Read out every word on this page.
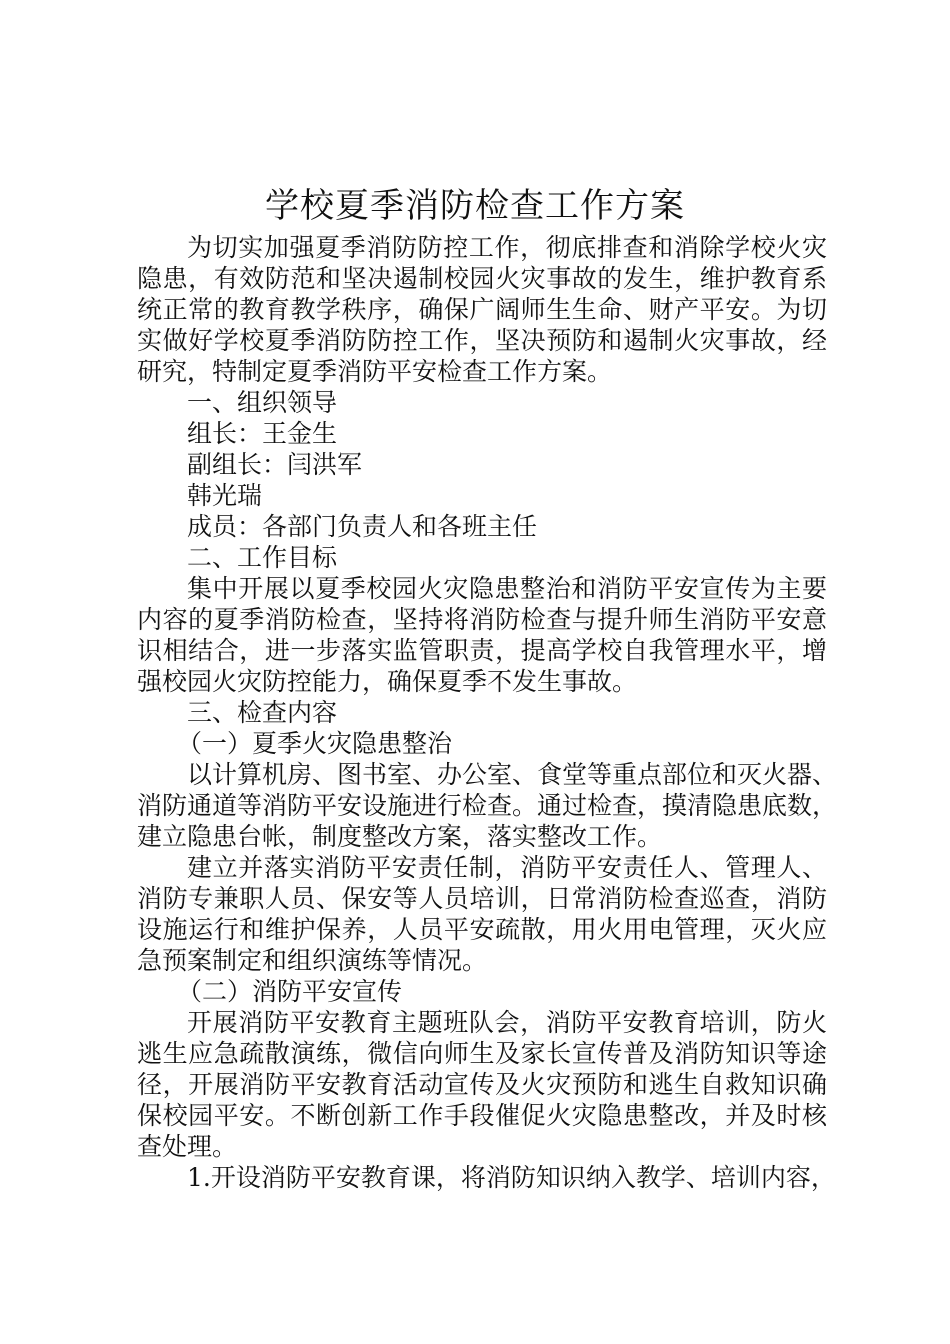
学校夏季消防检查工作方案
为切实加强夏季消防防控工作，彻底排查和消除学校火灾
隐患，有效防范和坚决遏制校园火灾事故的发生，维护教育系
统正常的教育教学秩序，确保广阔师生生命、财产平安。为切
实做好学校夏季消防防控工作，坚决预防和遏制火灾事故，经
研究，特制定夏季消防平安检查工作方案。
一、组织领导
组长：王金生
副组长：闫洪军
韩光瑞
成员：各部门负责人和各班主任
二、工作目标
集中开展以夏季校园火灾隐患整治和消防平安宣传为主要
内容的夏季消防检查，坚持将消防检查与提升师生消防平安意
识相结合，进一步落实监管职责，提高学校自我管理水平，增
强校园火灾防控能力，确保夏季不发生事故。
三、检查内容
（一）夏季火灾隐患整治
以计算机房、图书室、办公室、食堂等重点部位和灭火器、
消防通道等消防平安设施进行检查。通过检查，摸清隐患底数，
建立隐患台帐，制度整改方案，落实整改工作。
建立并落实消防平安责任制，消防平安责任人、管理人、
消防专兼职人员、保安等人员培训，日常消防检查巡查，消防
设施运行和维护保养，人员平安疏散，用火用电管理，灭火应
急预案制定和组织演练等情况。
（二）消防平安宣传
开展消防平安教育主题班队会，消防平安教育培训，防火
逃生应急疏散演练，微信向师生及家长宣传普及消防知识等途
径，开展消防平安教育活动宣传及火灾预防和逃生自救知识确
保校园平安。不断创新工作手段催促火灾隐患整改，并及时核
查处理。
1.开设消防平安教育课，将消防知识纳入教学、培训内容，
